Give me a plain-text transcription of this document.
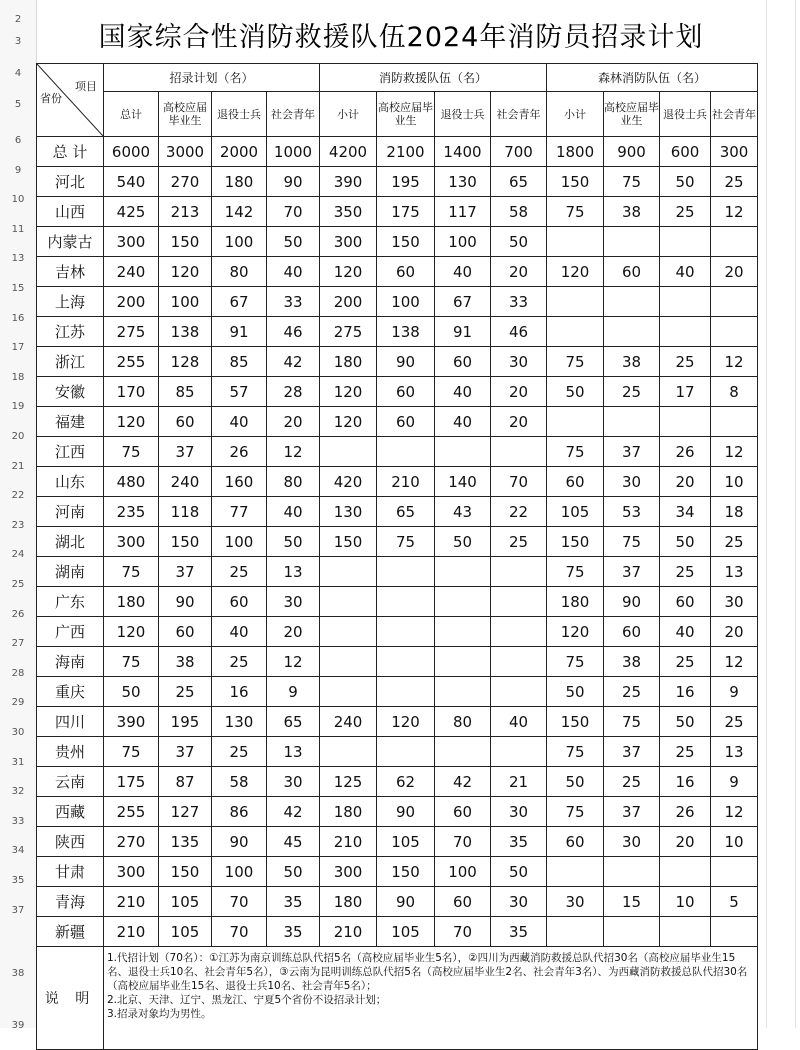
2
3
4
5
6
9
10
11
13
15
16
17
18
19
20
21
22
23
24
25
26
27
28
29
30
31
32
33
34
35
37
38
39
国家综合性消防救援队伍2024年消防员招录计划
项目
省份	招录计划（名）				消防救援队伍（名）				森林消防队伍（名）			
	总计	高校应届毕业生	退役士兵	社会青年	小计	高校应届毕业生	退役士兵	社会青年	小计	高校应届毕业生	退役士兵	社会青年
总 计	6000	3000	2000	1000	4200	2100	1400	700	1800	900	600	300
河北	540	270	180	90	390	195	130	65	150	75	50	25
山西	425	213	142	70	350	175	117	58	75	38	25	12
内蒙古	300	150	100	50	300	150	100	50				
吉林	240	120	80	40	120	60	40	20	120	60	40	20
上海	200	100	67	33	200	100	67	33				
江苏	275	138	91	46	275	138	91	46				
浙江	255	128	85	42	180	90	60	30	75	38	25	12
安徽	170	85	57	28	120	60	40	20	50	25	17	8
福建	120	60	40	20	120	60	40	20				
江西	75	37	26	12					75	37	26	12
山东	480	240	160	80	420	210	140	70	60	30	20	10
河南	235	118	77	40	130	65	43	22	105	53	34	18
湖北	300	150	100	50	150	75	50	25	150	75	50	25
湖南	75	37	25	13					75	37	25	13
广东	180	90	60	30					180	90	60	30
广西	120	60	40	20					120	60	40	20
海南	75	38	25	12					75	38	25	12
重庆	50	25	16	9					50	25	16	9
四川	390	195	130	65	240	120	80	40	150	75	50	25
贵州	75	37	25	13					75	37	25	13
云南	175	87	58	30	125	62	42	21	50	25	16	9
西藏	255	127	86	42	180	90	60	30	75	37	26	12
陕西	270	135	90	45	210	105	70	35	60	30	20	10
甘肃	300	150	100	50	300	150	100	50				
青海	210	105	70	35	180	90	60	30	30	15	10	5
新疆	210	105	70	35	210	105	70	35				
说 明	1.代招计划（70名）：①江苏为南京训练总队代招5名（高校应届毕业生5名），②四川为西藏消防救援总队代招30名（高校应届毕业生15名、退役士兵10名、社会青年5名），③云南为昆明训练总队代招5名（高校应届毕业生2名、社会青年3名）、为西藏消防救援总队代招30名（高校应届毕业生15名、退役士兵10名、社会青年5名）；
2.北京、天津、辽宁、黑龙江、宁夏5个省份不设招录计划；
3.招录对象均为男性。											
